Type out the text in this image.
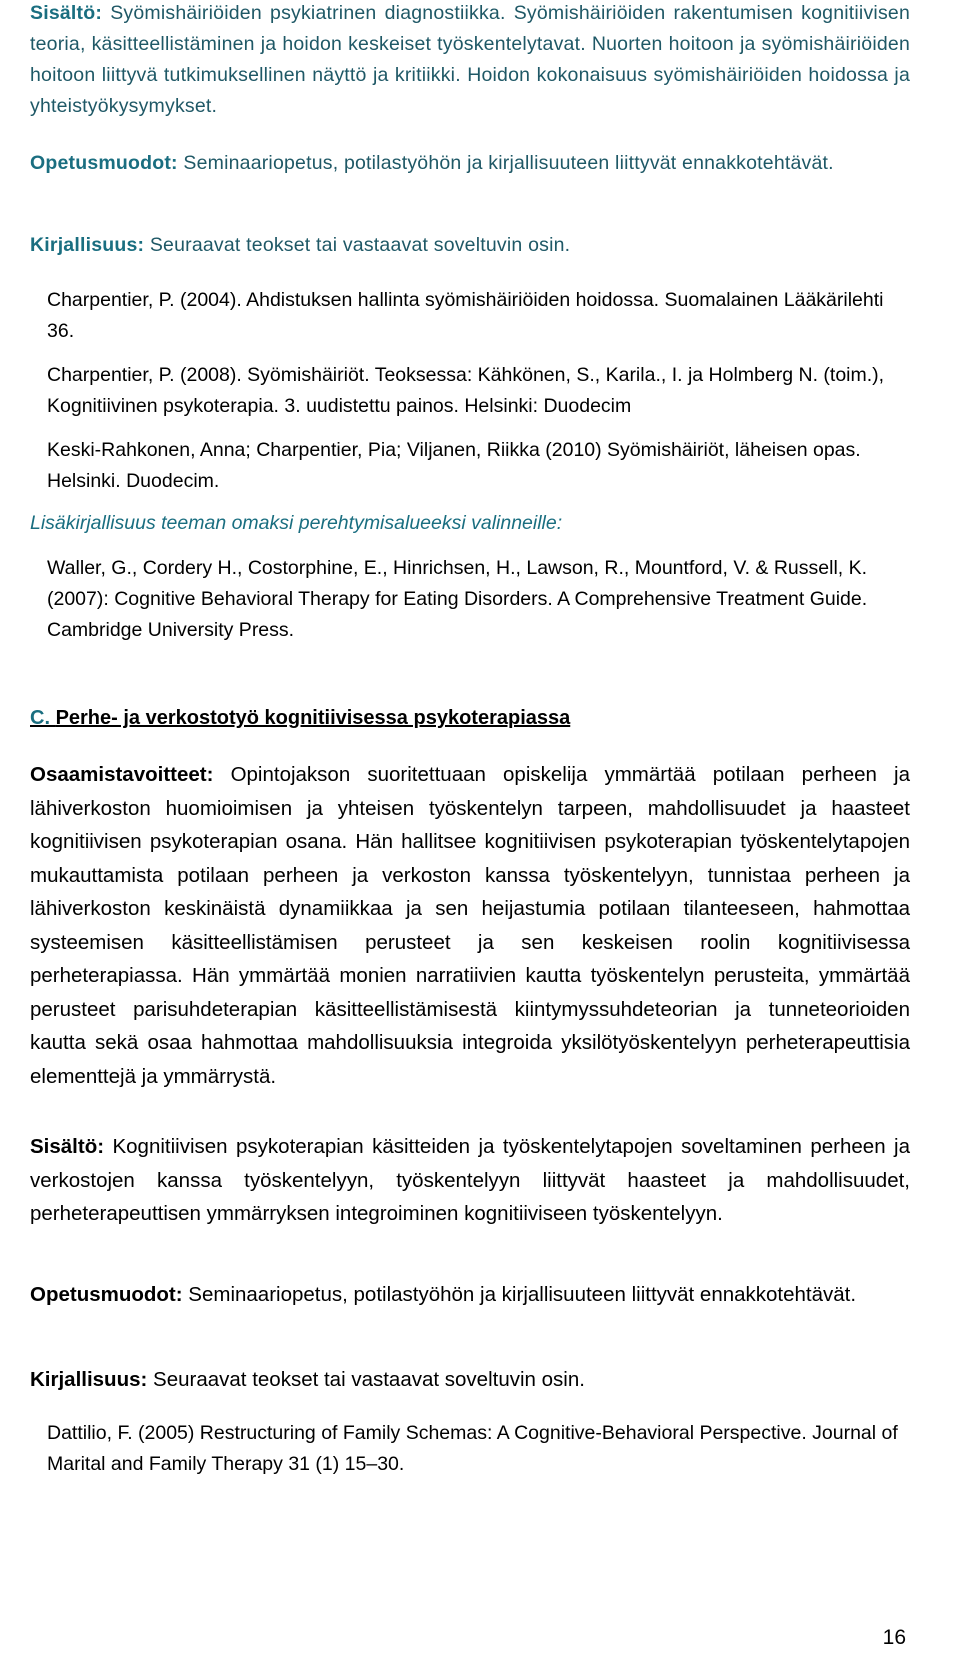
Sisältö: Syömishäiriöiden psykiatrinen diagnostiikka. Syömishäiriöiden rakentumisen kognitiivisen teoria, käsitteellistäminen ja hoidon keskeiset työskentelytavat. Nuorten hoitoon ja syömishäiriöiden hoitoon liittyvä tutkimuksellinen näyttö ja kritiikki. Hoidon kokonaisuus syömishäiriöiden hoidossa ja yhteistyökysymykset.

Opetusmuodot: Seminaariopetus, potilastyöhön ja kirjallisuuteen liittyvät ennakkotehtävät.

Kirjallisuus: Seuraavat teokset tai vastaavat soveltuvin osin.

Charpentier, P. (2004). Ahdistuksen hallinta syömishäiriöiden hoidossa. Suomalainen Lääkärilehti 36.

Charpentier, P. (2008). Syömishäiriöt. Teoksessa: Kähkönen, S., Karila., I. ja Holmberg N. (toim.), Kognitiivinen psykoterapia. 3. uudistettu painos. Helsinki: Duodecim

Keski-Rahkonen, Anna; Charpentier, Pia; Viljanen, Riikka (2010) Syömishäiriöt, läheisen opas. Helsinki. Duodecim.

Lisäkirjallisuus teeman omaksi perehtymisalueeksi valinneille:

Waller, G., Cordery H., Costorphine, E., Hinrichsen, H., Lawson, R., Mountford, V. & Russell, K. (2007): Cognitive Behavioral Therapy for Eating Disorders. A Comprehensive Treatment Guide. Cambridge University Press.

C. Perhe- ja verkostotyö kognitiivisessa psykoterapiassa

Osaamistavoitteet: Opintojakson suoritettuaan opiskelija ymmärtää potilaan perheen ja lähiverkoston huomioimisen ja yhteisen työskentelyn tarpeen, mahdollisuudet ja haasteet kognitiivisen psykoterapian osana. Hän hallitsee kognitiivisen psykoterapian työskentelytapojen mukauttamista potilaan perheen ja verkoston kanssa työskentelyyn, tunnistaa perheen ja lähiverkoston keskinäistä dynamiikkaa ja sen heijastumia potilaan tilanteeseen, hahmottaa systeemisen käsitteellistämisen perusteet ja sen keskeisen roolin kognitiivisessa perheterapiassa. Hän ymmärtää monien narratiivien kautta työskentelyn perusteita, ymmärtää perusteet parisuhdeterapian käsitteellistämisestä kiintymyssuhdeteorian ja tunneteorioiden kautta sekä osaa hahmottaa mahdollisuuksia integroida yksilötyöskentelyyn perheterapeuttisia elementtejä ja ymmärrystä.

Sisältö: Kognitiivisen psykoterapian käsitteiden ja työskentelytapojen soveltaminen perheen ja verkostojen kanssa työskentelyyn, työskentelyyn liittyvät haasteet ja mahdollisuudet, perheterapeuttisen ymmärryksen integroiminen kognitiiviseen työskentelyyn.

Opetusmuodot: Seminaariopetus, potilastyöhön ja kirjallisuuteen liittyvät ennakkotehtävät.

Kirjallisuus: Seuraavat teokset tai vastaavat soveltuvin osin.

Dattilio, F. (2005) Restructuring of Family Schemas: A Cognitive-Behavioral Perspective. Journal of Marital and Family Therapy 31 (1) 15–30.

16
